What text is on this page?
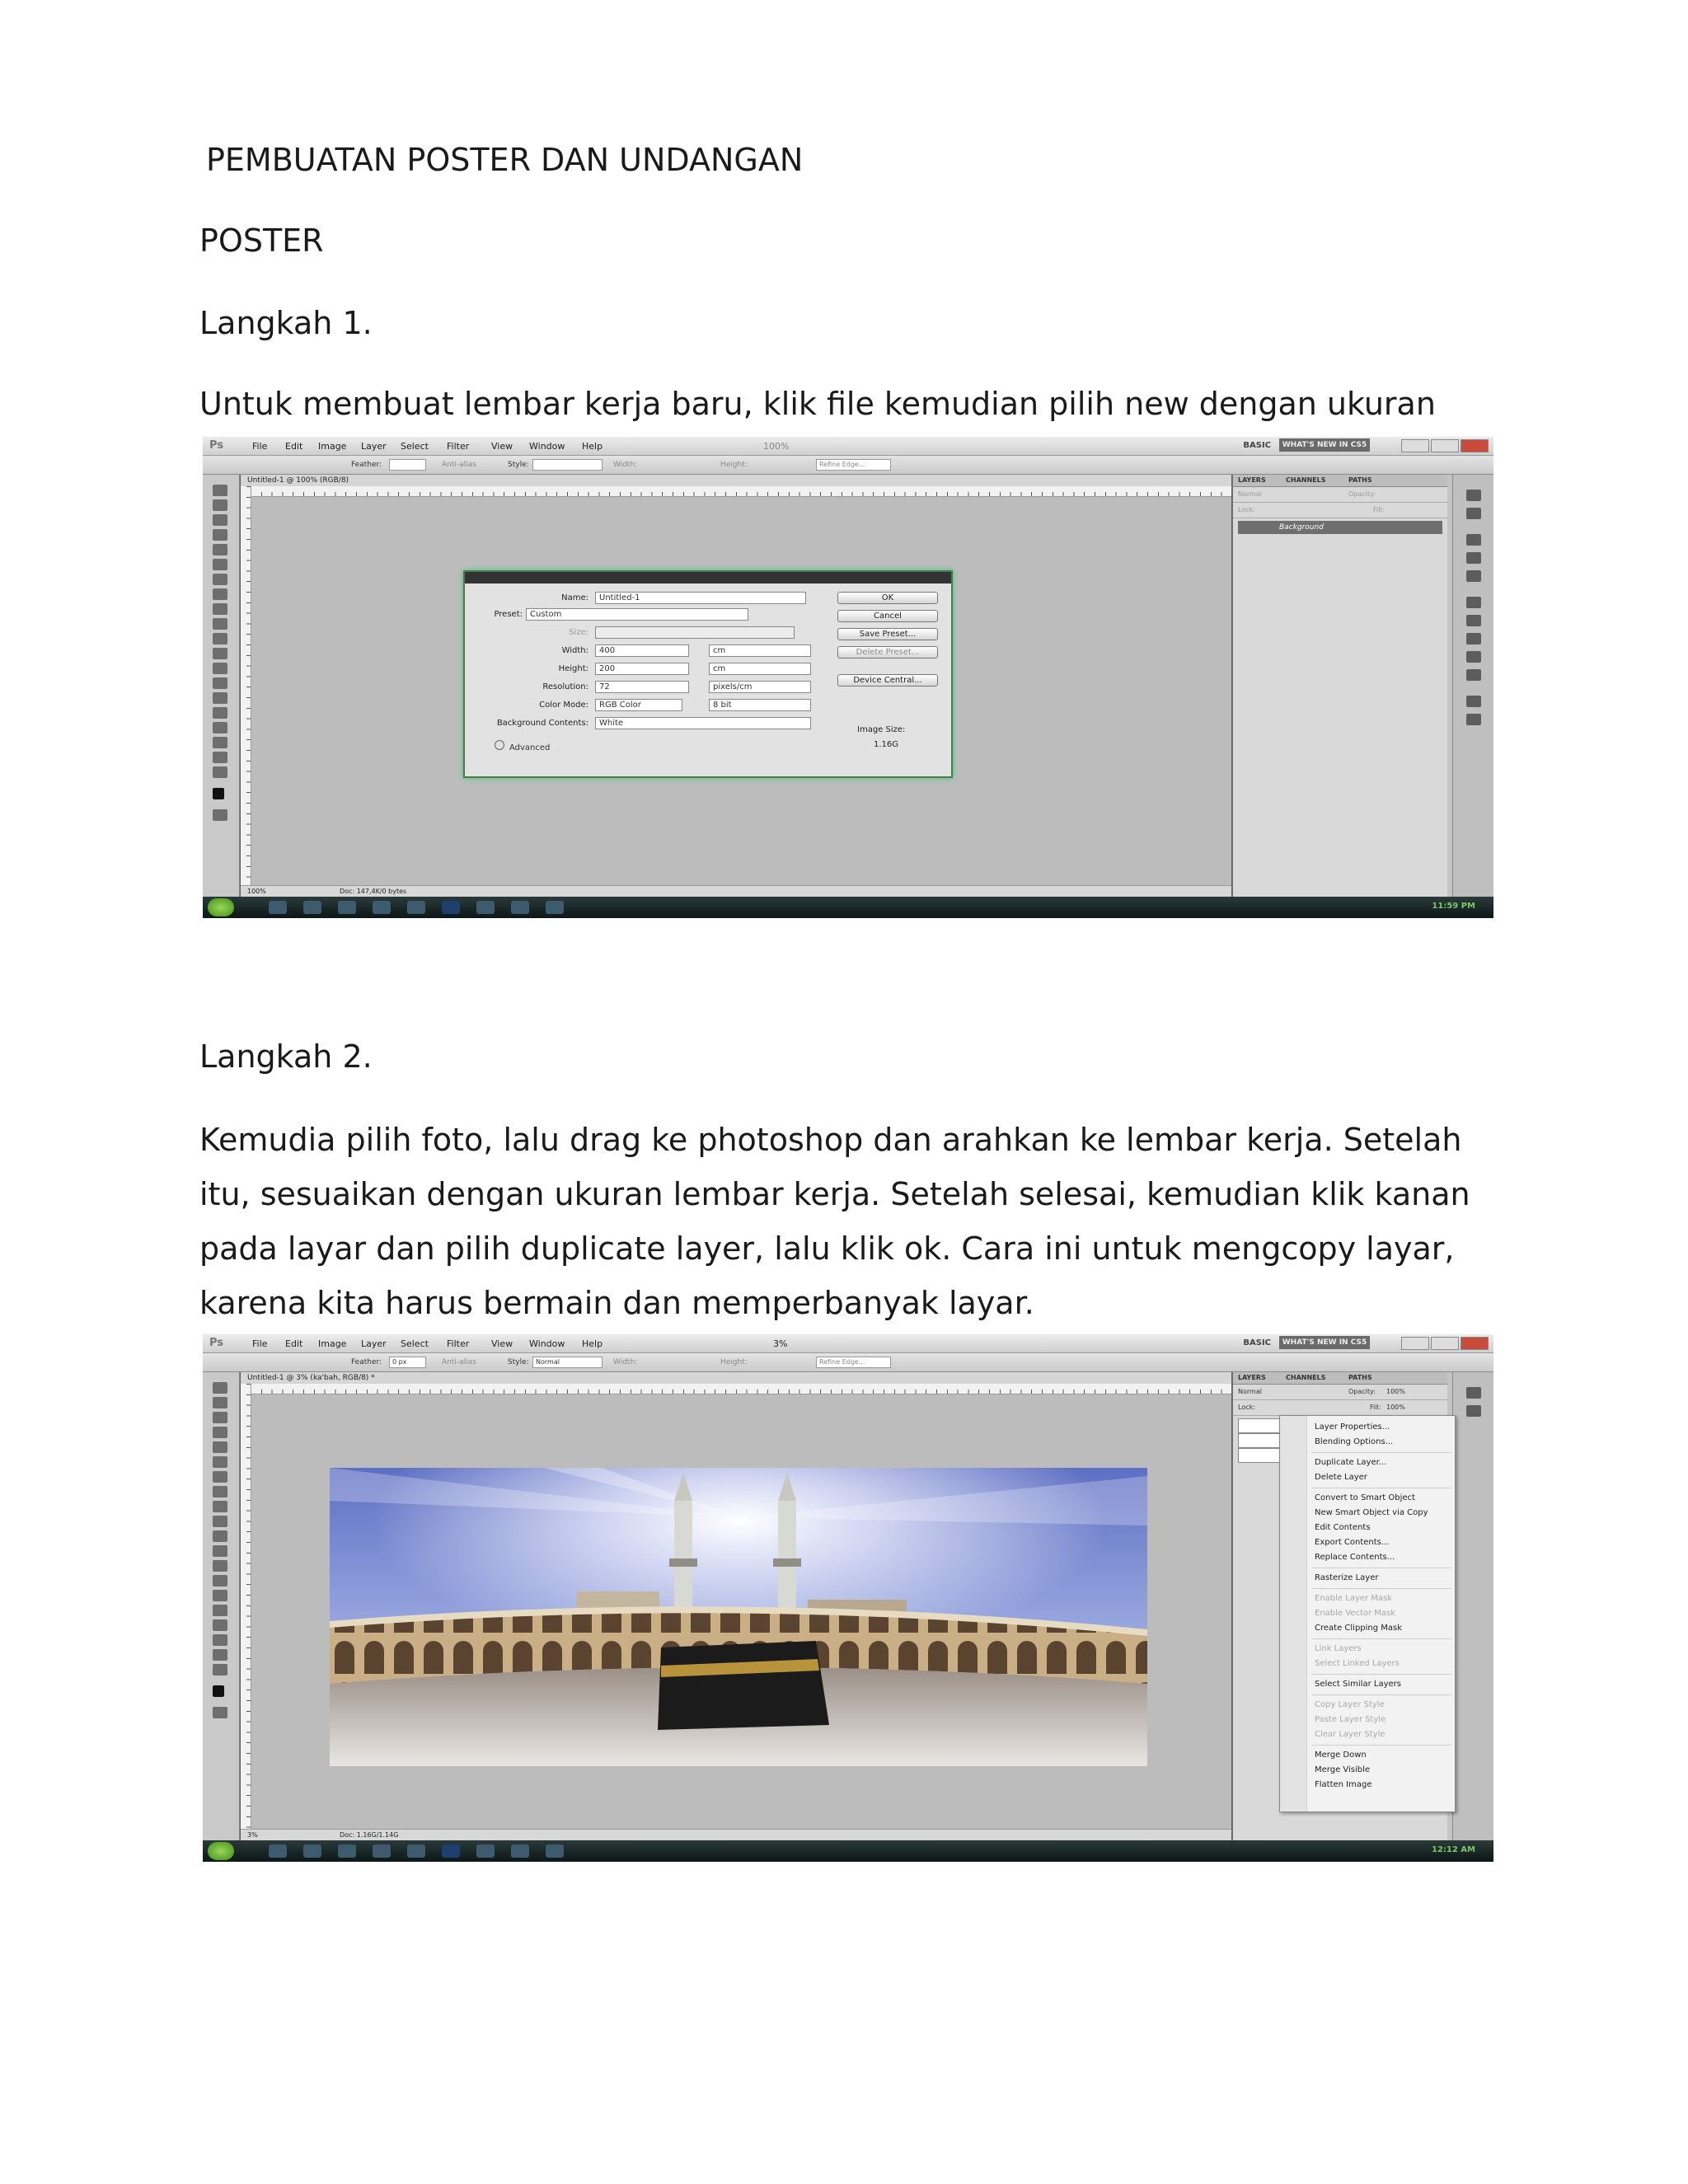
PEMBUATAN POSTER DAN UNDANGAN
POSTER
Langkah 1.
Untuk membuat lembar kerja baru, klik file kemudian pilih new dengan ukuran
Ps	File Edit Image Layer Select Filter View Window Help	100%	BASIC	WHAT'S NEW IN CS5
Feather:	Anti-alias	Style:	Width:	Height:	Refine Edge...
Untitled-1 @ 100% (RGB/8)
100%	Doc: 147,4K/0 bytes
Name:	Untitled-1
Preset: Custom
Size:
Width:	400	cm
Height:	200	cm
Resolution:	72	pixels/cm
Color Mode:	RGB Color	8 bit
Background Contents:	White
Advanced
OK
Cancel
Save Preset...
Delete Preset...
Device Central...
Image Size:
1.16G
LAYERS	CHANNELS	PATHS
Normal	Opacity:
Lock:	Fill:
Background
11:59 PM
Langkah 2.
Kemudia pilih foto, lalu drag ke photoshop dan arahkan ke lembar kerja. Setelah itu, sesuaikan dengan ukuran lembar kerja. Setelah selesai, kemudian klik kanan pada layar dan pilih duplicate layer, lalu klik ok. Cara ini untuk mengcopy layar, karena kita harus bermain dan memperbanyak layar.
Ps	File Edit Image Layer Select Filter View Window Help	3%	BASIC	WHAT'S NEW IN CS5
Feather:	0 px	Anti-alias	Style:	Normal	Width:	Height:	Refine Edge...
Untitled-1 @ 3% (ka'bah, RGB/8) *
3%	Doc: 1.16G/1.14G
LAYERS	CHANNELS	PATHS
Normal	Opacity: 100%
Lock:	Fill: 100%
Layer Properties...
Blending Options...
Duplicate Layer...
Delete Layer
Convert to Smart Object
New Smart Object via Copy
Edit Contents
Export Contents...
Replace Contents...
Rasterize Layer
Enable Layer Mask
Enable Vector Mask
Create Clipping Mask
Link Layers
Select Linked Layers
Select Similar Layers
Copy Layer Style
Paste Layer Style
Clear Layer Style
Merge Down
Merge Visible
Flatten Image
12:12 AM
